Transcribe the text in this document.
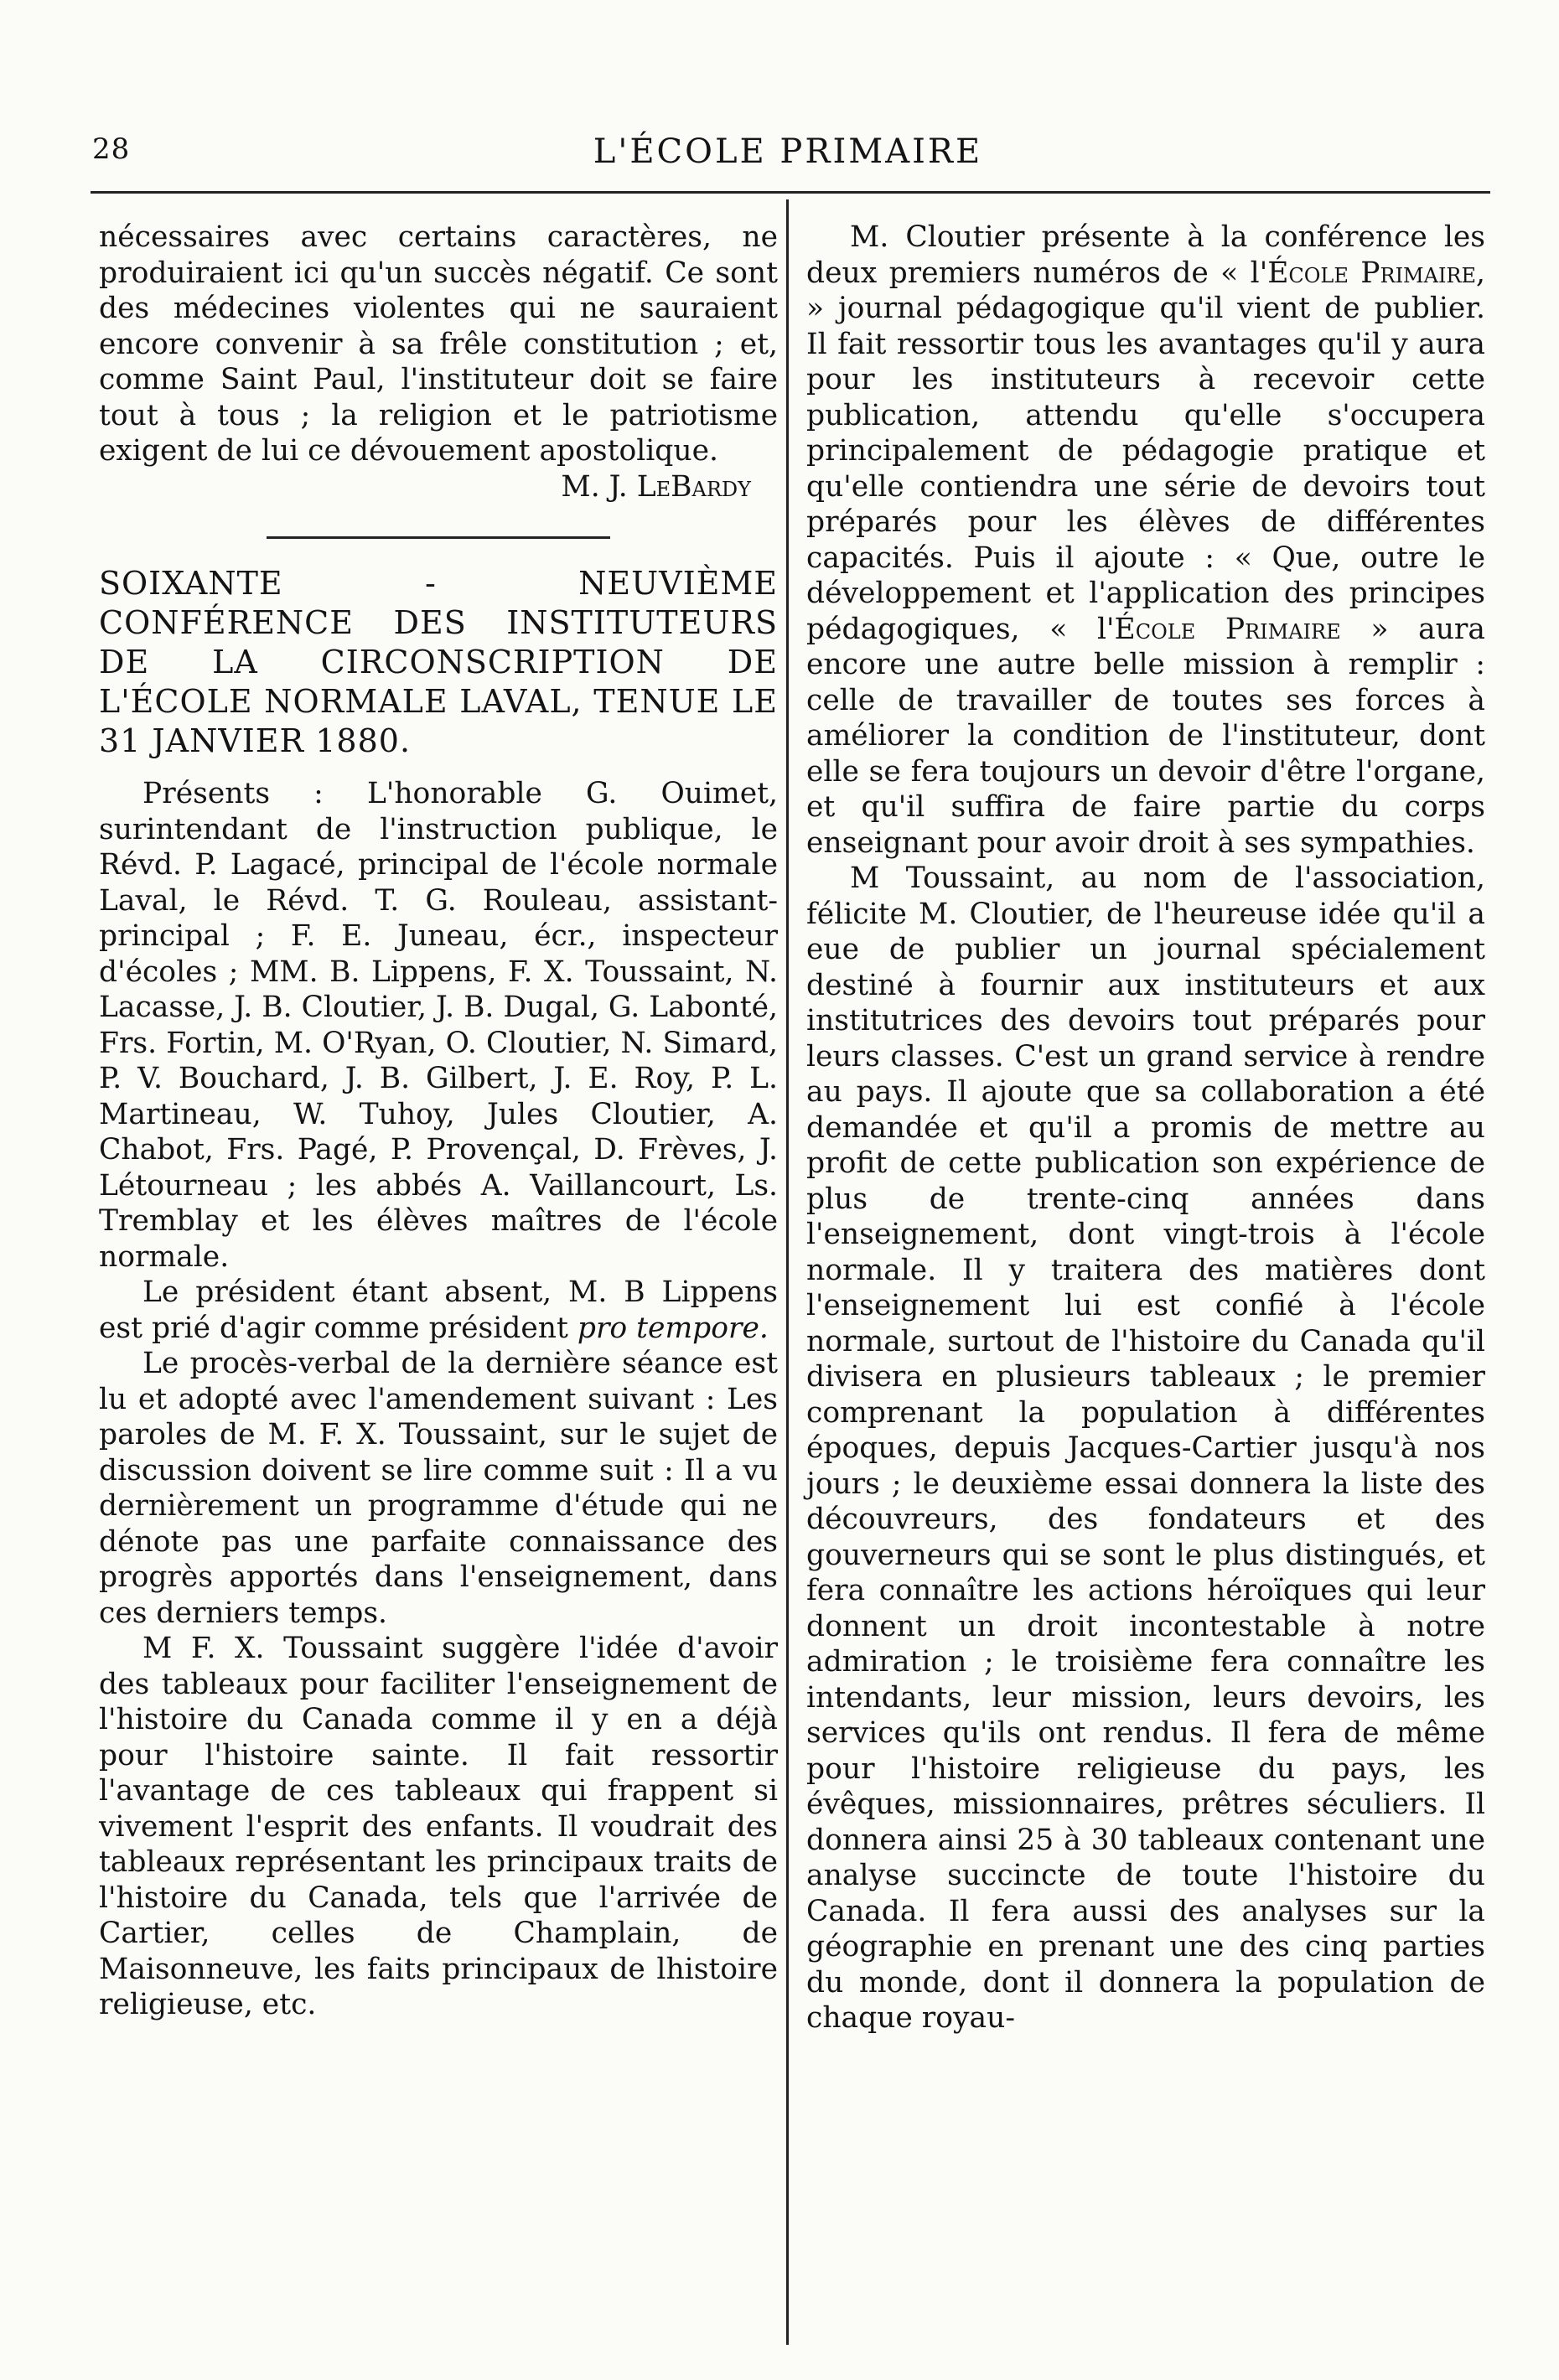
28	L'ÉCOLE PRIMAIRE

nécessaires avec certains caractères, ne produiraient ici qu'un succès négatif. Ce sont des médecines violentes qui ne sauraient encore convenir à sa frêle constitution ; et, comme Saint Paul, l'instituteur doit se faire tout à tous ; la religion et le patriotisme exigent de lui ce dévouement apostolique.

M. J. LeBardy
SOIXANTE - NEUVIÈME CONFÉRENCE DES INSTITUTEURS DE LA CIRCONSCRIPTION DE L'ÉCOLE NORMALE LAVAL, TENUE LE 31 JANVIER 1880.

Présents : L'honorable G. Ouimet, surintendant de l'instruction publique, le Révd. P. Lagacé, principal de l'école normale Laval, le Révd. T. G. Rouleau, assistant-principal ; F. E. Juneau, écr., inspecteur d'écoles ; MM. B. Lippens, F. X. Toussaint, N. Lacasse, J. B. Cloutier, J. B. Dugal, G. Labonté, Frs. Fortin, M. O'Ryan, O. Cloutier, N. Simard, P. V. Bouchard, J. B. Gilbert, J. E. Roy, P. L. Martineau, W. Tuhoy, Jules Cloutier, A. Chabot, Frs. Pagé, P. Provençal, D. Frèves, J. Létourneau ; les abbés A. Vaillancourt, Ls. Tremblay et les élèves maîtres de l'école normale.

Le président étant absent, M. B Lippens est prié d'agir comme président pro tempore.

Le procès-verbal de la dernière séance est lu et adopté avec l'amendement suivant : Les paroles de M. F. X. Toussaint, sur le sujet de discussion doivent se lire comme suit : Il a vu dernièrement un programme d'étude qui ne dénote pas une parfaite connaissance des progrès apportés dans l'enseignement, dans ces derniers temps.

M F. X. Toussaint suggère l'idée d'avoir des tableaux pour faciliter l'enseignement de l'histoire du Canada comme il y en a déjà pour l'histoire sainte. Il fait ressortir l'avantage de ces tableaux qui frappent si vivement l'esprit des enfants. Il voudrait des tableaux représentant les principaux traits de l'histoire du Canada, tels que l'arrivée de Cartier, celles de Champlain, de Maisonneuve, les faits principaux de lhistoire religieuse, etc.

M. Cloutier présente à la conférence les deux premiers numéros de « l'École Primaire, » journal pédagogique qu'il vient de publier. Il fait ressortir tous les avantages qu'il y aura pour les instituteurs à recevoir cette publication, attendu qu'elle s'occupera principalement de pédagogie pratique et qu'elle contiendra une série de devoirs tout préparés pour les élèves de différentes capacités. Puis il ajoute : « Que, outre le développement et l'application des principes pédagogiques, « l'École Primaire » aura encore une autre belle mission à remplir : celle de travailler de toutes ses forces à améliorer la condition de l'instituteur, dont elle se fera toujours un devoir d'être l'organe, et qu'il suffira de faire partie du corps enseignant pour avoir droit à ses sympathies.

M Toussaint, au nom de l'association, félicite M. Cloutier, de l'heureuse idée qu'il a eue de publier un journal spécialement destiné à fournir aux instituteurs et aux institutrices des devoirs tout préparés pour leurs classes. C'est un grand service à rendre au pays. Il ajoute que sa collaboration a été demandée et qu'il a promis de mettre au profit de cette publication son expérience de plus de trente-cinq années dans l'enseignement, dont vingt-trois à l'école normale. Il y traitera des matières dont l'enseignement lui est confié à l'école normale, surtout de l'histoire du Canada qu'il divisera en plusieurs tableaux ; le premier comprenant la population à différentes époques, depuis Jacques-Cartier jusqu'à nos jours ; le deuxième essai donnera la liste des découvreurs, des fondateurs et des gouverneurs qui se sont le plus distingués, et fera connaître les actions héroïques qui leur donnent un droit incontestable à notre admiration ; le troisième fera connaître les intendants, leur mission, leurs devoirs, les services qu'ils ont rendus. Il fera de même pour l'histoire religieuse du pays, les évêques, missionnaires, prêtres séculiers. Il donnera ainsi 25 à 30 tableaux contenant une analyse succincte de toute l'histoire du Canada. Il fera aussi des analyses sur la géographie en prenant une des cinq parties du monde, dont il donnera la population de chaque royau-
